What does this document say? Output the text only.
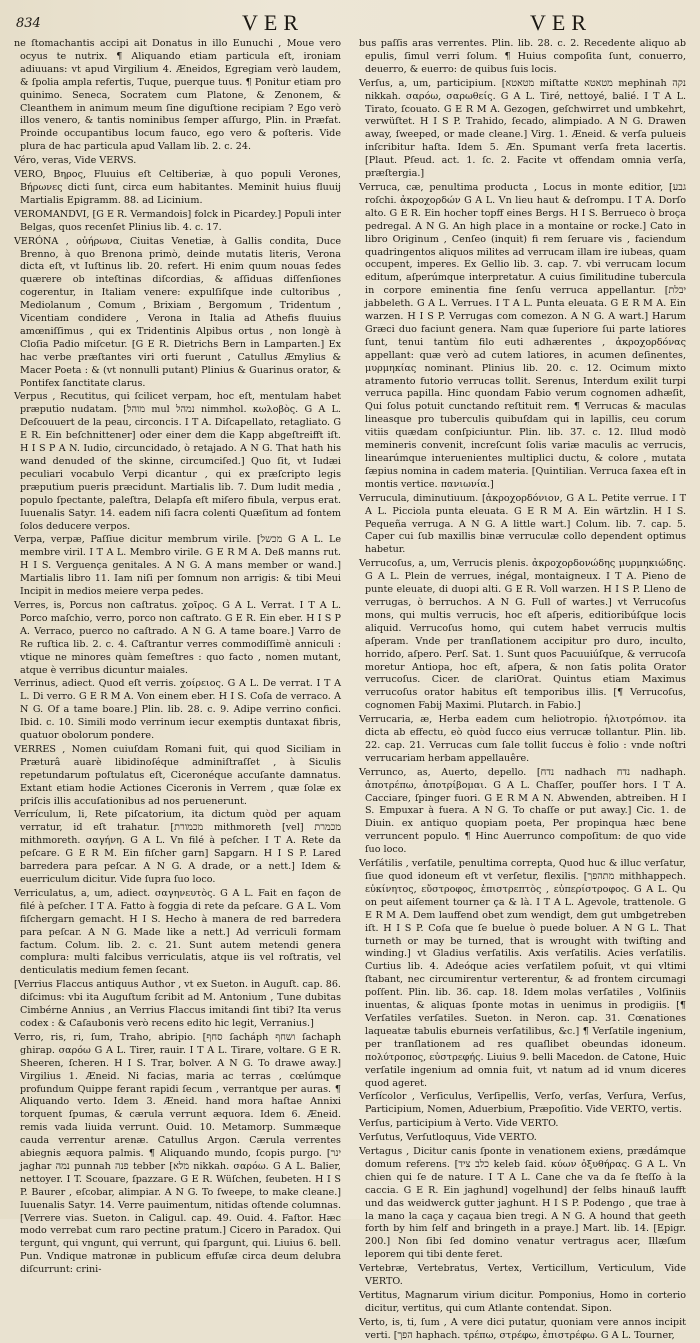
834	VER	VER

ne ſtomachantis accipi ait Donatus in illo Eunuchi , Moue vero ocyus te nutrix. ¶ Aliquando etiam particula eſt, ironiam adiuuans: vt apud Virgilium 4. Æneidos, Egregiam verò laudem, & ſpolia ampla refertis, Tuque, puerque tuus. ¶ Ponitur etiam pro quinimo. Seneca, Socratem cum Platone, & Zenonem, & Cleanthem in animum meum ſine diguſtione recipiam ? Ego verò illos venero, & tantis nominibus ſemper aſſurgo, Plin. in Præfat. Proinde occupantibus locum fauco, ego vero & poſteris. Vide plura de hac particula apud Vallam lib. 2. c. 24.

Véro, veras, Vide VERVS.

VERO, Βηρος, Fluuius eſt Celtiberiæ, à quo populi Verones, Βήρωνες dicti ſunt, circa eum habitantes. Meminit huius fluuij Martialis Epigramm. 88. ad Licinium.

VEROMANDVI, [G E R. Vermandois] folck in Picardey.] Populi inter Belgas, quos recenſet Plinius lib. 4. c. 17.

VERÓNA , οὐήρωνα, Ciuitas Venetiæ, à Gallis condita, Duce Brenno, à quo Brenona primò, deinde mutatis literis, Verona dicta eſt, vt Iuſtinus lib. 20. refert. Hi enim quum nouas ſedes quærere ob inteſtinas diſcordias, & aſſiduas diſſenſiones cogerentur, in Italiam venere: expulſiſque inde cultoribus , Mediolanum , Comum , Brixiam , Bergomum , Tridentum , Vicentiam condidere , Verona in Italia ad Athefis fluuius amœniſſimus , qui ex Tridentinis Alpibus ortus , non longè à Cloſia Padio miſcetur. [G E R. Dietrichs Bern in Lamparten.] Ex hac verbe præſtantes viri orti fuerunt , Catullus Æmylius & Macer Poeta : & (vt nonnulli putant) Plinius & Guarinus orator, & Pontifex ſanctitate clarus.

Verpus , Recutitus, qui ſcilicet verpam, hoc eſt, mentulam habet præputio nudatam. [מוהל mul נמהל nimmhol. κωλοβὸς. G A L. Deſcouuert de la peau, circoncis. I T A. Diſcapellato, retagliato. G E R. Ein beſchnittener] oder einer dem die Kapp abgeſtreifft iſt. H I S P A N. Iudio, circuncidado, ò retajado. A N G. That hath his wand denuded of the skinne, circumciſed.] Quo ſit, vt Iudæi peculiari vocabulo Verpi dicantur , qui ex præſcripto legis præputium pueris præcidunt. Martialis lib. 7. Dum ludit media , populo ſpectante, paleſtra, Delapſa eſt miſero fibula, verpus erat. Iuuenalis Satyr. 14. eadem niſi ſacra colenti Quæſitum ad fontem ſolos deducere verpos.

Verpa, verpæ, Paſſiue dicitur membrum virile. [מכשל G A L. Le membre viril. I T A L. Membro virile. G E R M A. Deß manns rut. H I S. Verguença genitales. A N G. A mans member or wand.] Martialis libro 11. Iam niſi per ſomnum non arrigis: & tibi Meui Incipit in medios meiere verpa pedes.

Verres, is, Porcus non caſtratus. χοῖρος. G A L. Verrat. I T A L. Porco maſchio, verro, porco non caſtrato. G E R. Ein eber. H I S P A. Verraco, puerco no caſtrado. A N G. A tame boare.] Varro de Re ruſtica lib. 2. c. 4. Caſtrantur verres commodiſſimè anniculi : vtique ne minores quàm ſemeſtres : quo facto , nomen mutant, atque è verribus dicuntur maiales.

Verrinus, adiect. Quod eſt verris. χοίρειος. G A L. De verrat. I T A L. Di verro. G E R M A. Von einem eber. H I S. Coſa de verraco. A N G. Of a tame boare.] Plin. lib. 28. c. 9. Adipe verrino confici. Ibid. c. 10. Simili modo verrinum iecur exemptis duntaxat fibris, quatuor obolorum pondere.

VERRES , Nomen cuiuſdam Romani fuit, qui quod Siciliam in Præturâ auarè libidinoſéque adminiſtraſſet , à Siculis repetundarum poſtulatus eſt, Ciceronéque accuſante damnatus. Extant etiam hodie Actiones Ciceronis in Verrem , quæ ſolæ ex priſcis illis accuſationibus ad nos peruenerunt.

Verrículum, li, Rete piſcatorium, ita dictum quòd per aquam verratur, id eſt trahatur. [מכמורת mithmoreth [vel] מכמרת mithmoreth. σαγήνη. G A L. Vn filé à peſcher. I T A. Rete da peſcare. G E R M. Ein fiſcher garn] Sapgarn. H I S P. Lared barredera para peſcar. A N G. A drade, or a nett.] Idem & euerriculum dicitur. Vide ſupra ſuo loco.

Verriculatus, a, um, adiect. σαγηνευτὸς. G A L. Fait en façon de filé à peſcher. I T A. Fatto à foggia di rete da peſcare. G A L. Vom fiſchergarn gemacht. H I S. Hecho à manera de red barredera para peſcar. A N G. Made like a nett.] Ad verriculi formam factum. Colum. lib. 2. c. 21. Sunt autem metendi genera complura: multi falcibus verriculatis, atque iis vel roſtratis, vel denticulatis medium femen ſecant.

[Verrius Flaccus antiquus Author , vt ex Sueton. in Auguſt. cap. 86. diſcimus: vbi ita Auguſtum ſcribit ad M. Antonium , Tune dubitas Cimbérne Annius , an Verrius Flaccus imitandi ſint tibi? Ita verus codex : & Caſaubonis verò recens edito hic legit, Verranius.]

Verro, ris, ri, ſum, Traho, abripio. [סחף ſacháph ושחף ſachaph ghirap. σαρόω G A L. Tirer, rauir. I T A L. Tirare, voltare. G E R. Sheeren, ſcheren. H I S. Trar, bolver. A N G. To drawe away.] Virgilius 1. Æneid. Ni facias, maria ac terras , cœlúmque profundum Quippe ferant rapidi ſecum , verrantque per auras. ¶ Aliquando verto. Idem 3. Æneid. hand mora haſtae Annixi torquent ſpumas, & cærula verrunt æquora. Idem 6. Æneid. remis vada liuida verrunt. Ouid. 10. Metamorp. Summæque cauda verrentur arenæ. Catullus Argon. Cærula verrentes abiegnis æquora palmis. ¶ Aliquando mundo, ſcopis purgo. [ינר jaghar נמה punnah פנה tebber [מלא nikkah. σαρόω. G A L. Balier, nettoyer. I T. Scouare, ſpazzare. G E R. Wüſchen, ſeubeten. H I S P. Baurer , eſcobar, alimpiar. A N G. To ſweepe, to make cleane.] Iuuenalis Satyr. 14. Verre pauimentum, nitidas oſtende columnas. [Verrere vias. Sueton. in Caligul. cap. 49. Ouid. 4. Faſtor. Hæc modo verrebat cum raro pectine pratum.] Cicero in Paradox. Qui tergunt, qui vngunt, qui verrunt, qui ſpargunt, qui. Liuius 6. bell. Pun. Vndique matronæ in publicum effuſæ circa deum delubra diſcurrunt: crini-

bus paſſis aras verrentes. Plin. lib. 28. c. 2. Recedente aliquo ab epulis, ſimul verri ſolum. ¶ Huius compoſita ſunt, conuerro, deuerro, & euerro: de quibus ſuis locis.

Verſus, a, um, participium. [מטאטא miſtatte מטאטא mephinah נקה nikkah. σαρόω, σαρωθείς. G A L. Tiré, nettoyé, balié. I T A L. Tirato, ſcouato. G E R M A. Gezogen, geſchwirret und umbkehrt, verwüſtet. H I S P. Trahido, ſecado, alimpiado. A N G. Drawen away, ſweeped, or made cleane.] Virg. 1. Æneid. & verſa pulueis inſcribitur haſta. Idem 5. Æn. Spumant verſa freta lacertis. [Plaut. Pſeud. act. 1. ſc. 2. Facite vt offendam omnia verſa, præſtergia.]

Verruca, cæ, penultima producta , Locus in monte editior, [גבע roſchi. ἀκροχορδών G A L. Vn lieu haut & deſrompu. I T A. Dorſo alto. G E R. Ein hocher topff eines Bergs. H I S. Berrueco ò broça pedregal. A N G. An high place in a montaine or rocke.] Cato in libro Originum , Cenſeo (inquit) fi rem ſeruare vis , faciendum quadringentos aliquos milites ad verrucam illam ire iubeas, quam occupent, imperes. Ex Gellio lib. 3. cap. 7. vbi verrucam locum editum, aſperúmque interpretatur. A cuius ſimilitudine tubercula in corpore eminentia fine ſenſu verruca appellantur. [יבלת jabbeleth. G A L. Verrues. I T A L. Punta eleuata. G E R M A. Ein warzen. H I S P. Verrugas com comezon. A N G. A wart.] Harum Græci duo faciunt genera. Nam quæ ſuperiore ſui parte latiores ſunt, tenui tantùm filo euti adhærentes , ἀκροχορδόνας appellant: quæ verò ad cutem latiores, in acumen deſinentes, μυρμηκίας nominant. Plinius lib. 20. c. 12. Ocimum mixto atramento futorio verrucas tollit. Serenus, Interdum exilit turpi verruca papilla. Hinc quondam Fabio verum cognomen adhæſit, Qui ſolus potuit cunctando reſtituit rem. ¶ Verrucas & maculas lineasque pro tuberculis quibuſdam qui in lapillis, ceu corum vitiis quædam conſpiciuntur. Plin. lib. 37. c. 12. Illud modò memineris convenit, increſcunt ſolis variæ maculis ac verrucis, linearúmque interuenientes multiplici ductu, & colore , mutata ſæpius nomina in cadem materia. [Quintilian. Verruca ſaxea eſt in montis vertice. πανιωνία.]

Verrucula, diminutiuum. [ἀκροχορδόνιον, G A L. Petite verrue. I T A L. Picciola punta eleuata. G E R M A. Ein wärtzlin. H I S. Pequeña verruga. A N G. A little wart.] Colum. lib. 7. cap. 5. Caper cui ſub maxillis binæ verruculæ collo dependent optimus habetur.

Verrucoſus, a, um, Verrucis plenis. ἀκροχορδονώδης μυρμηκιώδης. G A L. Plein de verrues, inégal, montaigneux. I T A. Pieno de punte eleuate, di duopi alti. G E R. Voll warzen. H I S P. Lleno de verrugas, ò berruchos. A N G. Full of wartes.] vt Verrucoſus mons, qui multis verrucis, hoc eſt aſperis, editioribúſque locis aliquid. Verrucoſus homo, qui cutem habet verrucis multis aſperam. Vnde per tranſlationem accipitur pro duro, inculto, horrido, aſpero. Perſ. Sat. 1. Sunt quos Pacuuiúſque, & verrucoſa moretur Antiopa, hoc eſt, aſpera, & non ſatis polita Orator verrucoſus. Cicer. de clariOrat. Quintus etiam Maximus verrucoſus orator habitus eſt temporibus illis. [¶ Verrucoſus, cognomen Fabij Maximi. Plutarch. in Fabio.]

Verrucaria, æ, Herba eadem cum heliotropio. ἡλιοτρόπιον. ita dicta ab effectu, eò quòd ſucco eius verrucæ tollantur. Plin. lib. 22. cap. 21. Verrucas cum ſale tollit ſuccus è folio : vnde noſtri verrucariam herbam appellauêre.

Verrunco, as, Auerto, depello. [נדח nadhach נדח nadhaph. ἀποτρέπω, ἀποτρίβομαι. G A L. Chaſſer, pouſſer hors. I T A. Cacciare, ſpinger fuori. G E R M A N. Abwenden, abtreiben. H I S. Empuxar à fuera. A N G. To chaſſe or put away.] Cic. 1. de Diuin. ex antiquo quopiam poeta, Per propinqua hæc bene verruncent populo. ¶ Hinc Auerrunco compoſitum: de quo vide ſuo loco.

Verſátilis , verſatile, penultima correpta, Quod huc & illuc verſatur, ſiue quod idoneum eſt vt verſetur, flexilis. [מתהפך mithhappech. εὐκίνητος, εὔστροφος, ἐπιστρεπτὸς , εὐπερίστροφος. G A L. Qu on peut aiſement tourner ça & là. I T A L. Agevole, trattenole. G E R M A. Dem lauffend obet zum wendigt, dem gut umbgetreben iſt. H I S P. Coſa que ſe buelue ò puede boluer. A N G L. That turneth or may be turned, that is wrought with twiſting and winding.] vt Gladius verſatilis. Axis verſatilis. Acies verſatilis. Curtius lib. 4. Adeóque acies verſatilem poſuit, vt qui vltimi ſtabant, nec circumirentur verterentur, & ad frontem circumagi poſſent. Plin. lib. 36. cap. 18. Idem molas verſatiles , Volſiniis inuentas, & aliquas ſponte motas in uenimus in prodigiis. [¶ Verſatiles verſatiles. Sueton. in Neron. cap. 31. Cœnationes laqueatæ tabulis eburneis verſatilibus, &c.] ¶ Verſatile ingenium, per tranſlationem ad res quaſlibet obeundas idoneum. πολύτροπος, εὐστρεφής. Liuius 9. belli Macedon. de Catone, Huic verſatile ingenium ad omnia fuit, vt natum ad id vnum diceres quod ageret.

Verſícolor , Verſiculus, Verſipellis, Verſo, verſas, Verſura, Verſus, Participium, Nomen, Aduerbium, Præpoſitio. Vide VERTO, vertis.

Verſus, participium à Verto. Vide VERTO.

Verſutus, Verſutloquus, Vide VERTO.

Vertagus , Dicitur canis ſponte in venationem exiens, prædámque domum referens. [כלב ציד keleb ſaid. κύων ὀξυθήρας. G A L. Vn chien qui ſe de nature. I T A L. Cane che va da ſe ſteſſo à la caccia. G E R. Ein jaghund] vogelhund] der ſelbs hinauß laufft und das weidwerck gutter jaghunt. H I S P. Podengo , que trae à la mano la caça y caçaua bien tregi. A N G. A hound that geeth forth by him ſelf and bringeth in a praye.] Mart. lib. 14. [Epigr. 200.] Non ſibi ſed domino venatur vertragus acer, Illæſum leporem qui tibi dente feret.

Vertebræ, Vertebratus, Vertex, Verticillum, Verticulum, Vide VERTO.

Vertitus, Magnarum virium dicitur. Pomponius, Homo in corterio dicitur, vertitus, qui cum Atlante contendat. Sipon.

Verto, is, ti, ſum , A vere dici putatur, quoniam vere annos incipit verti. [הפך haphach. τρέπω, στρέφω, ἐπιστρέφω. G A L. Tourner,
